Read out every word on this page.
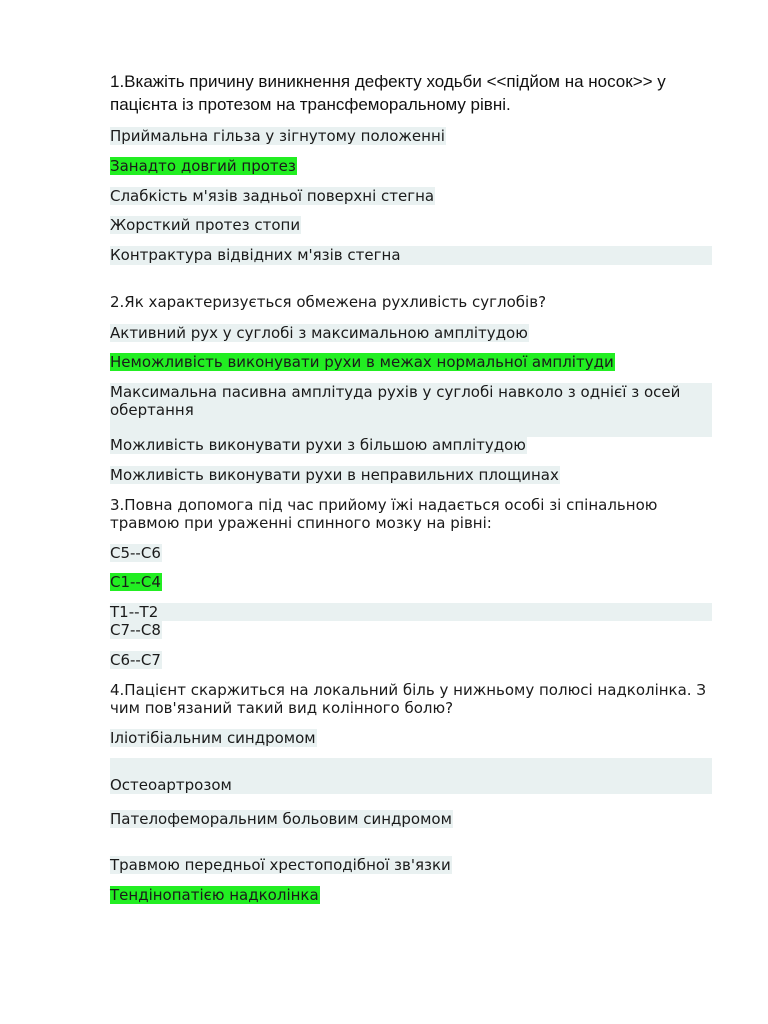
1.Вкажіть причину виникнення дефекту ходьби <<підйом на носок>> у пацієнта із протезом на трансфеморальному рівні.

Приймальна гільза у зігнутому положенні
Занадто довгий протез
Слабкість м'язів задньої поверхні стегна
Жорсткий протез стопи
Контрактура відвідних м'язів стегна

2.Як характеризується обмежена рухливість суглобів?

Активний рух у суглобі з максимальною амплітудою
Неможливість виконувати рухи в межах нормальної амплітуди
Максимальна пасивна амплітуда рухів у суглобі навколо з однієї з осей обертання
Можливість виконувати рухи з більшою амплітудою
Можливість виконувати рухи в неправильних площинах

3.Повна допомога під час прийому їжі надається особі зі спінальною травмою при ураженні спинного мозку на рівні:

С5--С6
С1--С4
Т1--Т2
С7--С8
С6--С7

4.Пацієнт скаржиться на локальний біль у нижньому полюсі надколінка. З чим пов'язаний такий вид колінного болю?

Іліотібіальним синдромом
Остеоартрозом
Пателофеморальним больовим синдромом
Травмою передньої хрестоподібної зв'язки
Тендінопатією надколінка
